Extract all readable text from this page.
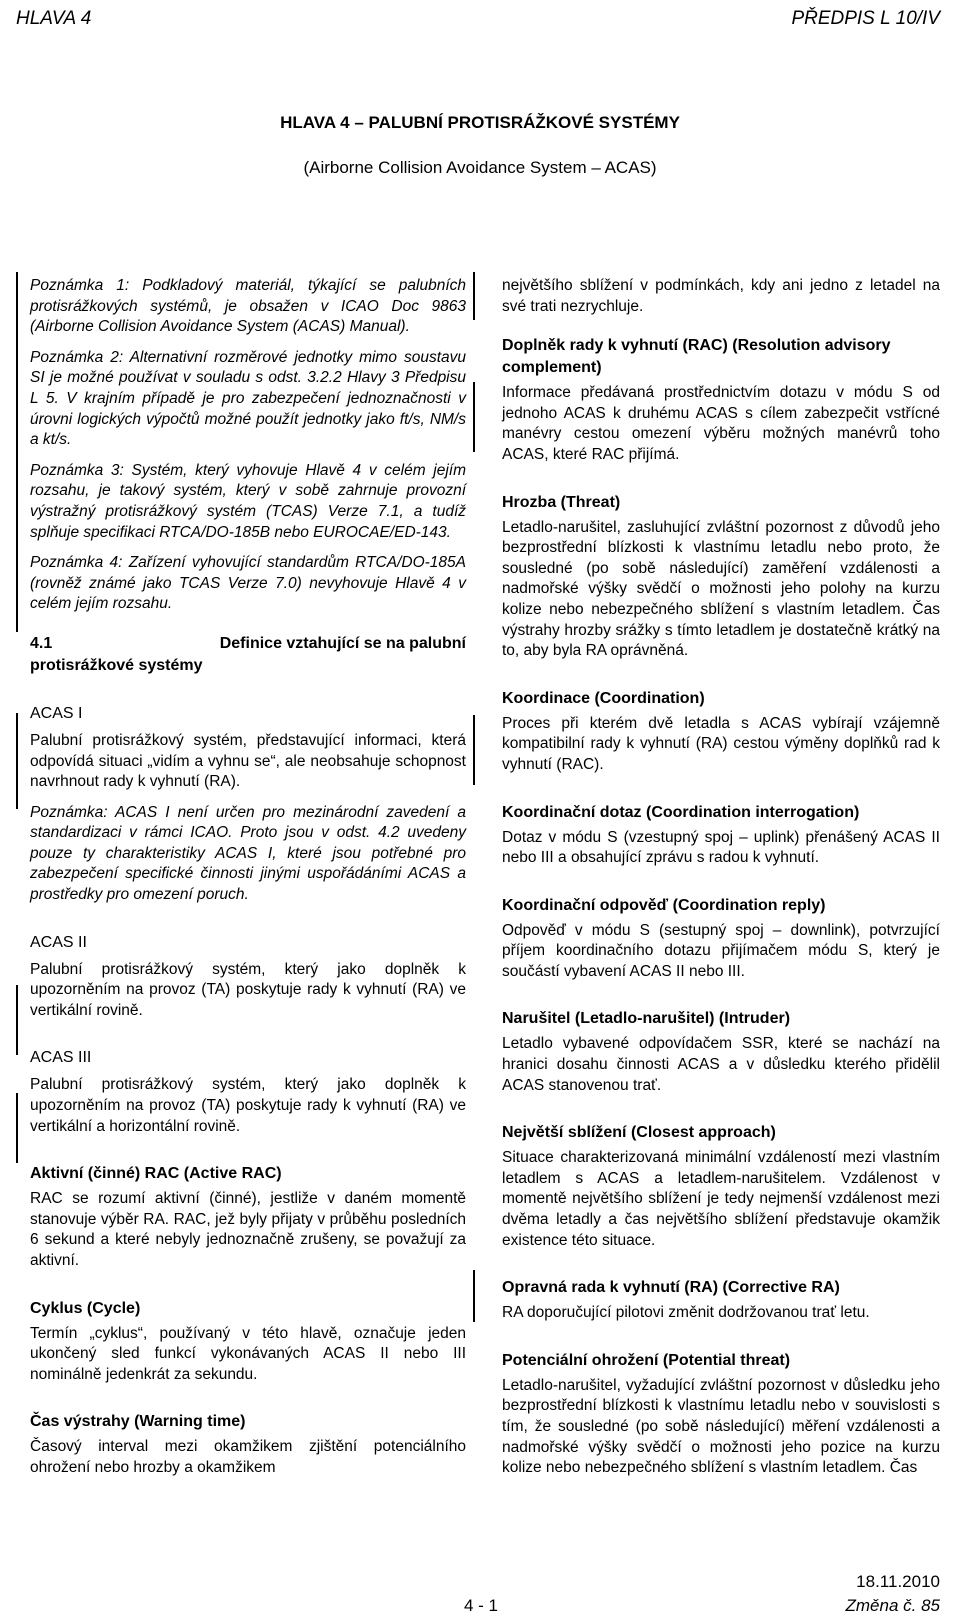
HLAVA 4	PŘEDPIS L 10/IV
HLAVA 4 – PALUBNÍ PROTISRÁŽKOVÉ SYSTÉMY
(Airborne Collision Avoidance System – ACAS)

Poznámka 1: Podkladový materiál, týkající se palubních protisrážkových systémů, je obsažen v ICAO Doc 9863 (Airborne Collision Avoidance System (ACAS) Manual).

Poznámka 2: Alternativní rozměrové jednotky mimo soustavu SI je možné používat v souladu s odst. 3.2.2 Hlavy 3 Předpisu L 5. V krajním případě je pro zabezpečení jednoznačnosti v úrovni logických výpočtů možné použít jednotky jako ft/s, NM/s a kt/s.

Poznámka 3: Systém, který vyhovuje Hlavě 4 v celém jejím rozsahu, je takový systém, který v sobě zahrnuje provozní výstražný protisrážkový systém (TCAS) Verze 7.1, a tudíž splňuje specifikaci RTCA/DO-185B nebo EUROCAE/ED-143.

Poznámka 4: Zařízení vyhovující standardům RTCA/DO-185A (rovněž známé jako TCAS Verze 7.0) nevyhovuje Hlavě 4 v celém jejím rozsahu.

4.1	Definice vztahující se na palubní
protisrážkové systémy
ACAS I

Palubní protisrážkový systém, představující informaci, která odpovídá situaci „vidím a vyhnu se“, ale neobsahuje schopnost navrhnout rady k vyhnutí (RA).

Poznámka: ACAS I není určen pro mezinárodní zavedení a standardizaci v rámci ICAO. Proto jsou v odst. 4.2 uvedeny pouze ty charakteristiky ACAS I, které jsou potřebné pro zabezpečení specifické činnosti jinými uspořádáními ACAS a prostředky pro omezení poruch.

ACAS II

Palubní protisrážkový systém, který jako doplněk k upozorněním na provoz (TA) poskytuje rady k vyhnutí (RA) ve vertikální rovině.

ACAS III

Palubní protisrážkový systém, který jako doplněk k upozorněním na provoz (TA) poskytuje rady k vyhnutí (RA) ve vertikální a horizontální rovině.

Aktivní (činné) RAC (Active RAC)

RAC se rozumí aktivní (činné), jestliže v daném momentě stanovuje výběr RA. RAC, jež byly přijaty v průběhu posledních 6 sekund a které nebyly jednoznačně zrušeny, se považují za aktivní.

Cyklus (Cycle)

Termín „cyklus“, používaný v této hlavě, označuje jeden ukončený sled funkcí vykonávaných ACAS II nebo III nominálně jedenkrát za sekundu.

Čas výstrahy (Warning time)

Časový interval mezi okamžikem zjištění potenciálního ohrožení nebo hrozby a okamžikem

největšího sblížení v podmínkách, kdy ani jedno z letadel na své trati nezrychluje.

Doplněk rady k vyhnutí (RAC) (Resolution advisory complement)

Informace předávaná prostřednictvím dotazu v módu S od jednoho ACAS k druhému ACAS s cílem zabezpečit vstřícné manévry cestou omezení výběru možných manévrů toho ACAS, které RAC přijímá.

Hrozba (Threat)

Letadlo-narušitel, zasluhující zvláštní pozornost z důvodů jeho bezprostřední blízkosti k vlastnímu letadlu nebo proto, že sousledné (po sobě následující) zaměření vzdálenosti a nadmořské výšky svědčí o možnosti jeho polohy na kurzu kolize nebo nebezpečného sblížení s vlastním letadlem. Čas výstrahy hrozby srážky s tímto letadlem je dostatečně krátký na to, aby byla RA oprávněná.

Koordinace (Coordination)

Proces při kterém dvě letadla s ACAS vybírají vzájemně kompatibilní rady k vyhnutí (RA) cestou výměny doplňků rad k vyhnutí (RAC).

Koordinační dotaz (Coordination interrogation)

Dotaz v módu S (vzestupný spoj – uplink) přenášený ACAS II nebo III a obsahující zprávu s radou k vyhnutí.

Koordinační odpověď (Coordination reply)

Odpověď v módu S (sestupný spoj – downlink), potvrzující příjem koordinačního dotazu přijímačem módu S, který je součástí vybavení ACAS II nebo III.

Narušitel (Letadlo-narušitel) (Intruder)

Letadlo vybavené odpovídačem SSR, které se nachází na hranici dosahu činnosti ACAS a v důsledku kterého přidělil ACAS stanovenou trať.

Největší sblížení (Closest approach)

Situace charakterizovaná minimální vzdáleností mezi vlastním letadlem s ACAS a letadlem-narušitelem. Vzdálenost v momentě největšího sblížení je tedy nejmenší vzdálenost mezi dvěma letadly a čas největšího sblížení představuje okamžik existence této situace.

Opravná rada k vyhnutí (RA) (Corrective RA)

RA doporučující pilotovi změnit dodržovanou trať letu.

Potenciální ohrožení (Potential threat)

Letadlo-narušitel, vyžadující zvláštní pozornost v důsledku jeho bezprostřední blízkosti k vlastnímu letadlu nebo v souvislosti s tím, že sousledné (po sobě následující) měření vzdálenosti a nadmořské výšky svědčí o možnosti jeho pozice na kurzu kolize nebo nebezpečného sblížení s vlastním letadlem. Čas

18.11.2010
4 - 1	Změna č. 85
